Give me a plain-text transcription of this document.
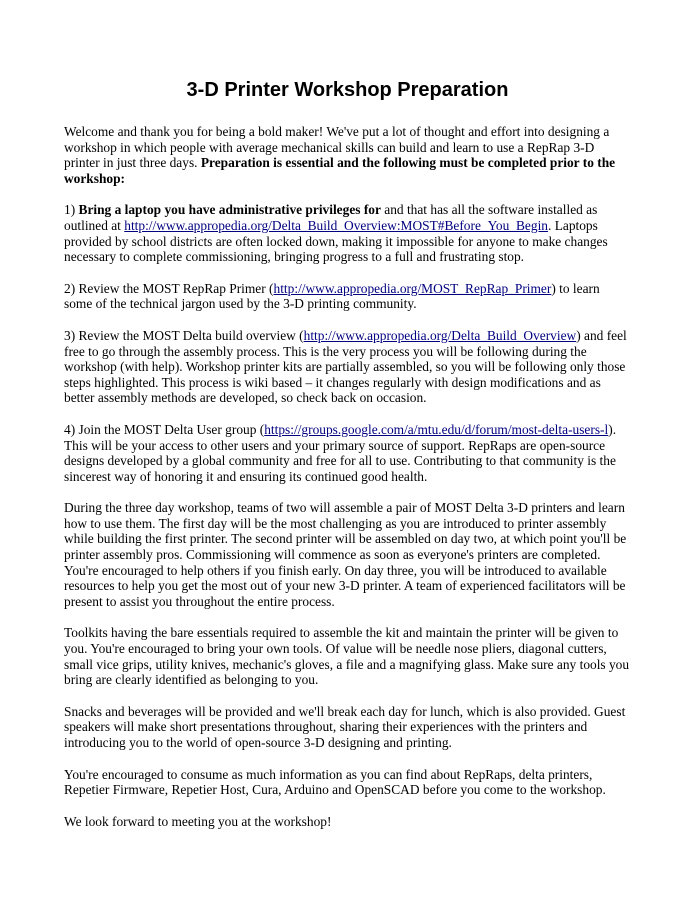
3-D Printer Workshop Preparation

Welcome and thank you for being a bold maker! We've put a lot of thought and effort into designing a workshop in which people with average mechanical skills can build and learn to use a RepRap 3-D printer in just three days. Preparation is essential and the following must be completed prior to the workshop:

1) Bring a laptop you have administrative privileges for and that has all the software installed as outlined at http://www.appropedia.org/Delta_Build_Overview:MOST#Before_You_Begin. Laptops provided by school districts are often locked down, making it impossible for anyone to make changes necessary to complete commissioning, bringing progress to a full and frustrating stop.

2) Review the MOST RepRap Primer (http://www.appropedia.org/MOST_RepRap_Primer) to learn some of the technical jargon used by the 3-D printing community.

3) Review the MOST Delta build overview (http://www.appropedia.org/Delta_Build_Overview) and feel free to go through the assembly process. This is the very process you will be following during the workshop (with help). Workshop printer kits are partially assembled, so you will be following only those steps highlighted. This process is wiki based – it changes regularly with design modifications and as better assembly methods are developed, so check back on occasion.

4) Join the MOST Delta User group (https://groups.google.com/a/mtu.edu/d/forum/most-delta-users-l). This will be your access to other users and your primary source of support. RepRaps are open-source designs developed by a global community and free for all to use. Contributing to that community is the sincerest way of honoring it and ensuring its continued good health.

During the three day workshop, teams of two will assemble a pair of MOST Delta 3-D printers and learn how to use them. The first day will be the most challenging as you are introduced to printer assembly while building the first printer. The second printer will be assembled on day two, at which point you'll be printer assembly pros. Commissioning will commence as soon as everyone's printers are completed. You're encouraged to help others if you finish early. On day three, you will be introduced to available resources to help you get the most out of your new 3-D printer. A team of experienced facilitators will be present to assist you throughout the entire process.

Toolkits having the bare essentials required to assemble the kit and maintain the printer will be given to you. You're encouraged to bring your own tools. Of value will be needle nose pliers, diagonal cutters, small vice grips, utility knives, mechanic's gloves, a file and a magnifying glass. Make sure any tools you bring are clearly identified as belonging to you.

Snacks and beverages will be provided and we'll break each day for lunch, which is also provided. Guest speakers will make short presentations throughout, sharing their experiences with the printers and introducing you to the world of open-source 3-D designing and printing.

You're encouraged to consume as much information as you can find about RepRaps, delta printers, Repetier Firmware, Repetier Host, Cura, Arduino and OpenSCAD before you come to the workshop.

We look forward to meeting you at the workshop!
